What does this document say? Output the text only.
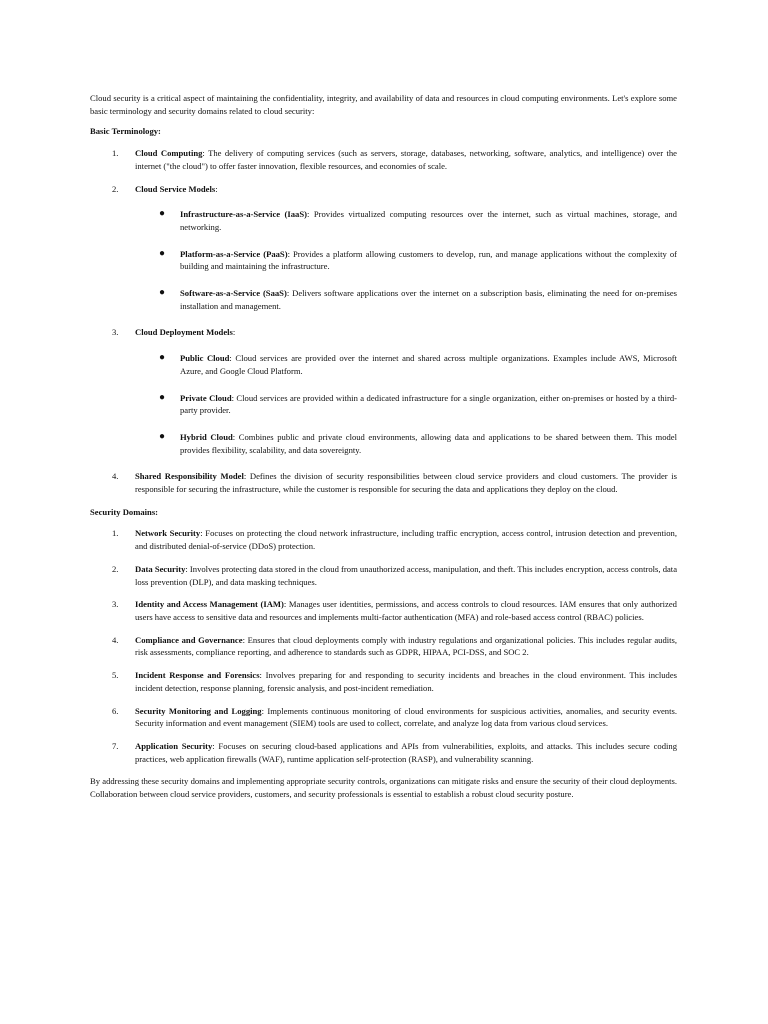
Cloud security is a critical aspect of maintaining the confidentiality, integrity, and availability of data and resources in cloud computing environments. Let's explore some basic terminology and security domains related to cloud security:

Basic Terminology:

1. Cloud Computing: The delivery of computing services (such as servers, storage, databases, networking, software, analytics, and intelligence) over the internet ("the cloud") to offer faster innovation, flexible resources, and economies of scale.
2. Cloud Service Models:
● Infrastructure-as-a-Service (IaaS): Provides virtualized computing resources over the internet, such as virtual machines, storage, and networking.
● Platform-as-a-Service (PaaS): Provides a platform allowing customers to develop, run, and manage applications without the complexity of building and maintaining the infrastructure.
● Software-as-a-Service (SaaS): Delivers software applications over the internet on a subscription basis, eliminating the need for on-premises installation and management.
3. Cloud Deployment Models:
● Public Cloud: Cloud services are provided over the internet and shared across multiple organizations. Examples include AWS, Microsoft Azure, and Google Cloud Platform.
● Private Cloud: Cloud services are provided within a dedicated infrastructure for a single organization, either on-premises or hosted by a third-party provider.
● Hybrid Cloud: Combines public and private cloud environments, allowing data and applications to be shared between them. This model provides flexibility, scalability, and data sovereignty.
4. Shared Responsibility Model: Defines the division of security responsibilities between cloud service providers and cloud customers. The provider is responsible for securing the infrastructure, while the customer is responsible for securing the data and applications they deploy on the cloud.

Security Domains:

1. Network Security: Focuses on protecting the cloud network infrastructure, including traffic encryption, access control, intrusion detection and prevention, and distributed denial-of-service (DDoS) protection.
2. Data Security: Involves protecting data stored in the cloud from unauthorized access, manipulation, and theft. This includes encryption, access controls, data loss prevention (DLP), and data masking techniques.
3. Identity and Access Management (IAM): Manages user identities, permissions, and access controls to cloud resources. IAM ensures that only authorized users have access to sensitive data and resources and implements multi-factor authentication (MFA) and role-based access control (RBAC) policies.
4. Compliance and Governance: Ensures that cloud deployments comply with industry regulations and organizational policies. This includes regular audits, risk assessments, compliance reporting, and adherence to standards such as GDPR, HIPAA, PCI-DSS, and SOC 2.
5. Incident Response and Forensics: Involves preparing for and responding to security incidents and breaches in the cloud environment. This includes incident detection, response planning, forensic analysis, and post-incident remediation.
6. Security Monitoring and Logging: Implements continuous monitoring of cloud environments for suspicious activities, anomalies, and security events. Security information and event management (SIEM) tools are used to collect, correlate, and analyze log data from various cloud services.
7. Application Security: Focuses on securing cloud-based applications and APIs from vulnerabilities, exploits, and attacks. This includes secure coding practices, web application firewalls (WAF), runtime application self-protection (RASP), and vulnerability scanning.

By addressing these security domains and implementing appropriate security controls, organizations can mitigate risks and ensure the security of their cloud deployments. Collaboration between cloud service providers, customers, and security professionals is essential to establish a robust cloud security posture.
